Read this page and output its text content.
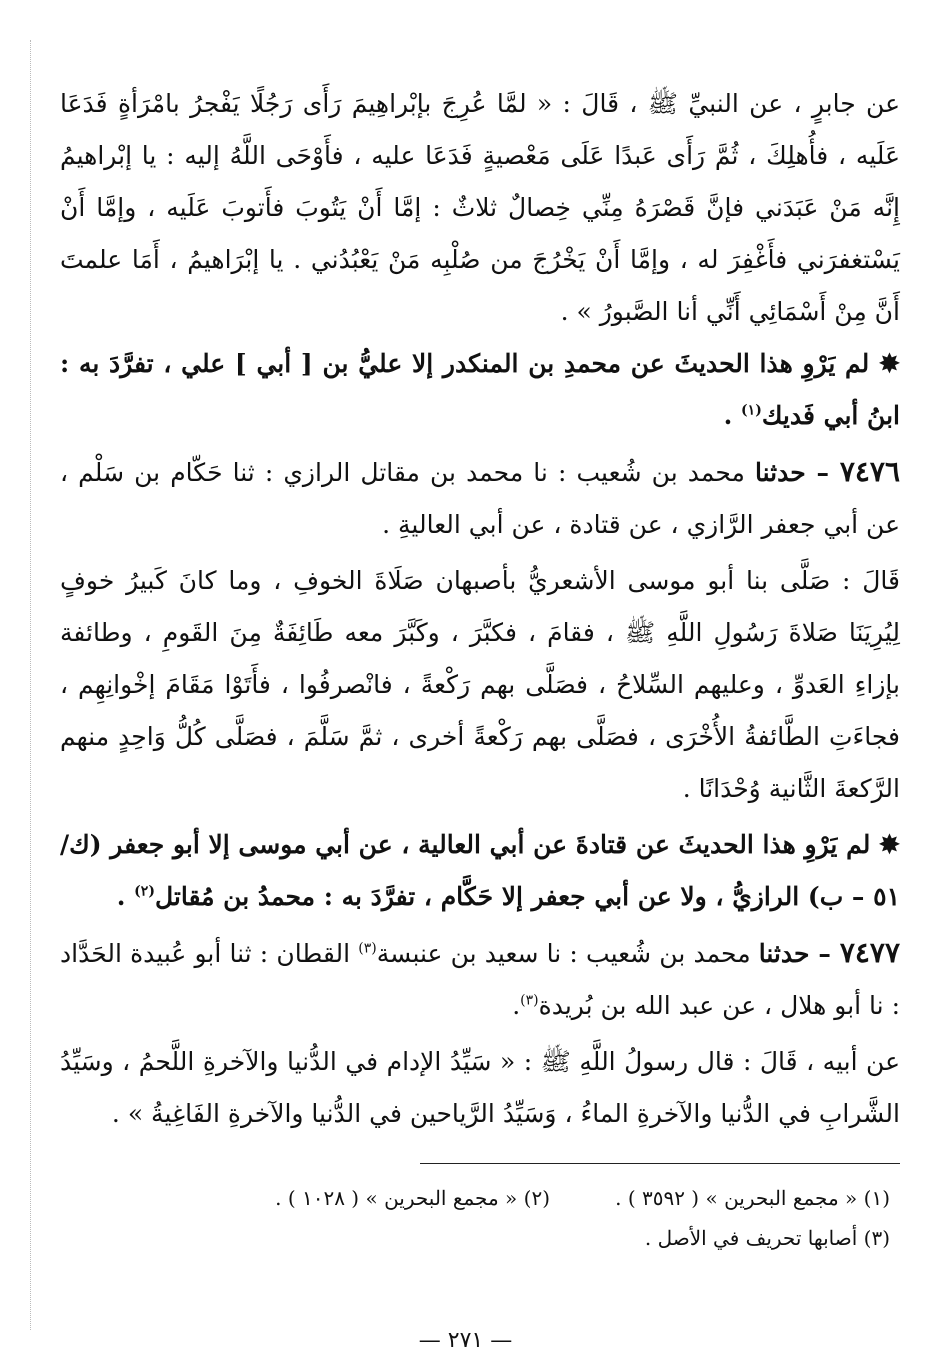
عن جابرٍ ، عن النبيِّ ﷺ ، قَالَ : « لمَّا عُرِجَ بإبْراهِيمَ رَأَى رَجُلًا يَفْجرُ بامْرَأةٍ فَدَعَا عَلَيه ، فأُهلِكَ ، ثُمَّ رَأَى عَبدًا عَلَى مَعْصيةٍ فَدَعَا عليه ، فأَوْحَى اللَّهُ إليه : يا إبْراهيمُ إِنَّه مَنْ عَبَدَني فإنَّ قَصْرَهُ مِنِّي خِصالٌ ثلاثٌ : إمَّا أَنْ يَتُوبَ فأَتوبَ عَلَيه ، وإمَّا أَنْ يَسْتغفرَني فأَغْفِرَ له ، وإمَّا أَنْ يَخْرُجَ من صُلْبِه مَنْ يَعْبُدُني . يا إبْرَاهيمُ ، أَمَا علمتَ أَنَّ مِنْ أَسْمَائِي أَنِّي أنا الصَّبورُ » .

✸ لم يَرْوِ هذا الحديثَ عن محمدِ بن المنكدر إلا عليُّ بن [ أبي ] علي ، تفرَّدَ به : ابنُ أبي فَديك$^{(١)}$ .

٧٤٧٦ – حدثنا محمد بن شُعيب : نا محمد بن مقاتل الرازي : ثنا حَكّام بن سَلْم ، عن أبي جعفر الرَّازي ، عن قتادة ، عن أبي العاليةِ .

قَالَ : صَلَّى بنا أبو موسى الأشعريُّ بأصبهان صَلَاةَ الخوفِ ، وما كانَ كَبيرُ خوفٍ لِيُرِيَنَا صَلاةَ رَسُولِ اللَّهِ ﷺ ، فقامَ ، فكبَّرَ ، وكَبَّرَ معه طَائِفَةٌ مِنَ القَومِ ، وطائفة بإزاءِ العَدوِّ ، وعليهم السِّلاحُ ، فصَلَّى بهم رَكْعةً ، فانْصرفُوا ، فأَتَوْا مَقَامَ إخْوانِهِم ، فجاءَتِ الطَّائفةُ الأُخْرَى ، فصَلَّى بهم رَكْعةً أخرى ، ثمَّ سَلَّمَ ، فصَلَّى كُلُّ وَاحِدٍ منهم الرَّكعةَ الثَّانية وُحْدَانًا .

✸ لم يَرْوِ هذا الحديثَ عن قتادةَ عن أبي العالية ، عن أبي موسى إلا أبو جعفر (ك/٥١ – ب) الرازيُّ ، ولا عن أبي جعفر إلا حَكَّام ، تفرَّدَ به : محمدُ بن مُقاتل$^{(٢)}$ .

٧٤٧٧ – حدثنا محمد بن شُعيب : نا سعيد بن عنبسة$^{(٣)}$ القطان : ثنا أبو عُبيدة الحَدَّاد : نا أبو هلال ، عن عبد الله بن بُريدة$^{(٣)}$.

عن أبيه ، قَالَ : قال رسولُ اللَّهِ ﷺ : « سَيِّدُ الإدام في الدُّنيا والآخرةِ اللَّحمُ ، وسَيِّدُ الشَّرابِ في الدُّنيا والآخرةِ الماءُ ، وَسَيِّدُ الرَّياحين في الدُّنيا والآخرةِ الفَاغِيةُ » .

(١) « مجمع البحرين » ( ٣٥٩٢ ) .
(٢) « مجمع البحرين » ( ١٠٢٨ ) .
(٣) أصابها تحريف في الأصل .
— ٢٧١ —
